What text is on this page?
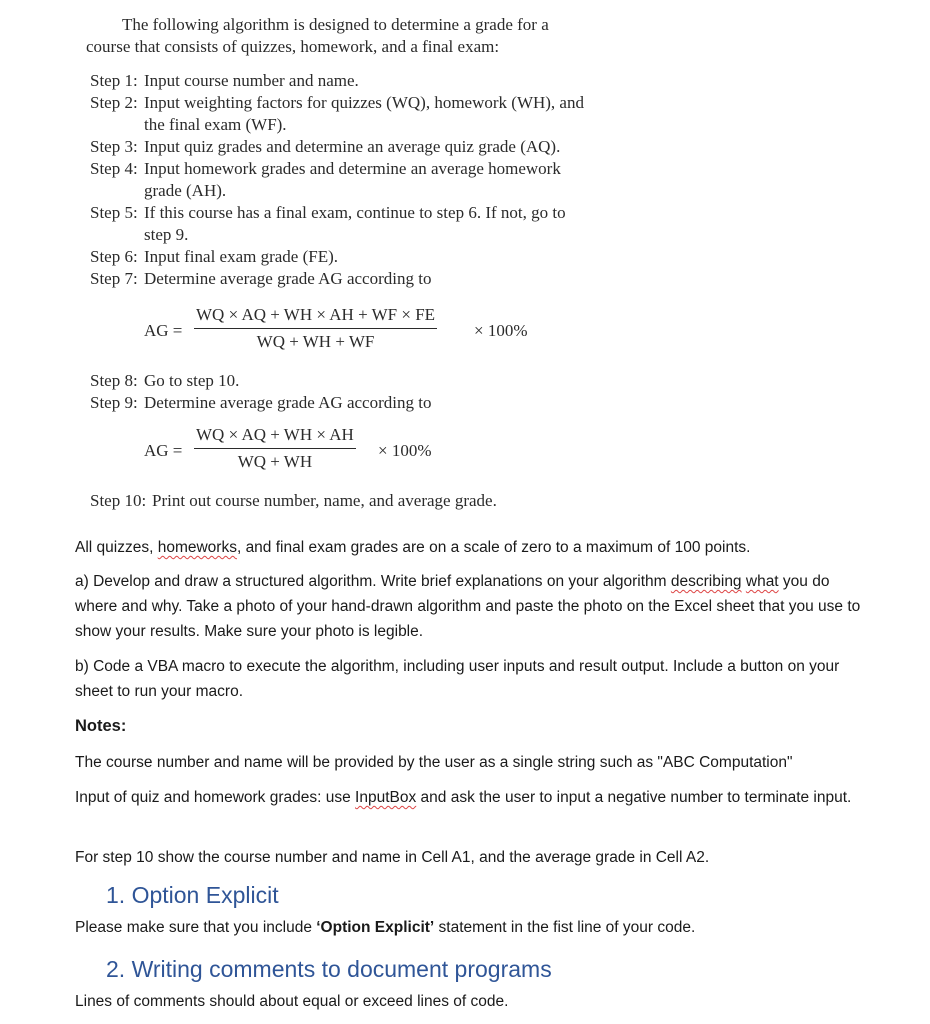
The following algorithm is designed to determine a grade for a course that consists of quizzes, homework, and a final exam:

Step 1: Input course number and name.

Step 2: Input weighting factors for quizzes (WQ), homework (WH), and the final exam (WF).

Step 3: Input quiz grades and determine an average quiz grade (AQ).

Step 4: Input homework grades and determine an average homework grade (AH).

Step 5: If this course has a final exam, continue to step 6. If not, go to step 9.

Step 6: Input final exam grade (FE).

Step 7: Determine average grade AG according to

AG =
WQ × AQ + WH × AH + WF × FE
WQ + WH + WF
× 100%

Step 8: Go to step 10.

Step 9: Determine average grade AG according to

AG =
WQ × AQ + WH × AH
WQ + WH
× 100%

Step 10: Print out course number, name, and average grade.

All quizzes, homeworks, and final exam grades are on a scale of zero to a maximum of 100 points.

a) Develop and draw a structured algorithm. Write brief explanations on your algorithm describing what you do where and why. Take a photo of your hand-drawn algorithm and paste the photo on the Excel sheet that you use to show your results. Make sure your photo is legible.

b) Code a VBA macro to execute the algorithm, including user inputs and result output. Include a button on your sheet to run your macro.

Notes:

The course number and name will be provided by the user as a single string such as "ABC Computation"

Input of quiz and homework grades: use InputBox and ask the user to input a negative number to terminate input.

For step 10 show the course number and name in Cell A1, and the average grade in Cell A2.

1. Option Explicit

Please make sure that you include ‘Option Explicit’ statement in the fist line of your code.

2. Writing comments to document programs

Lines of comments should about equal or exceed lines of code.
